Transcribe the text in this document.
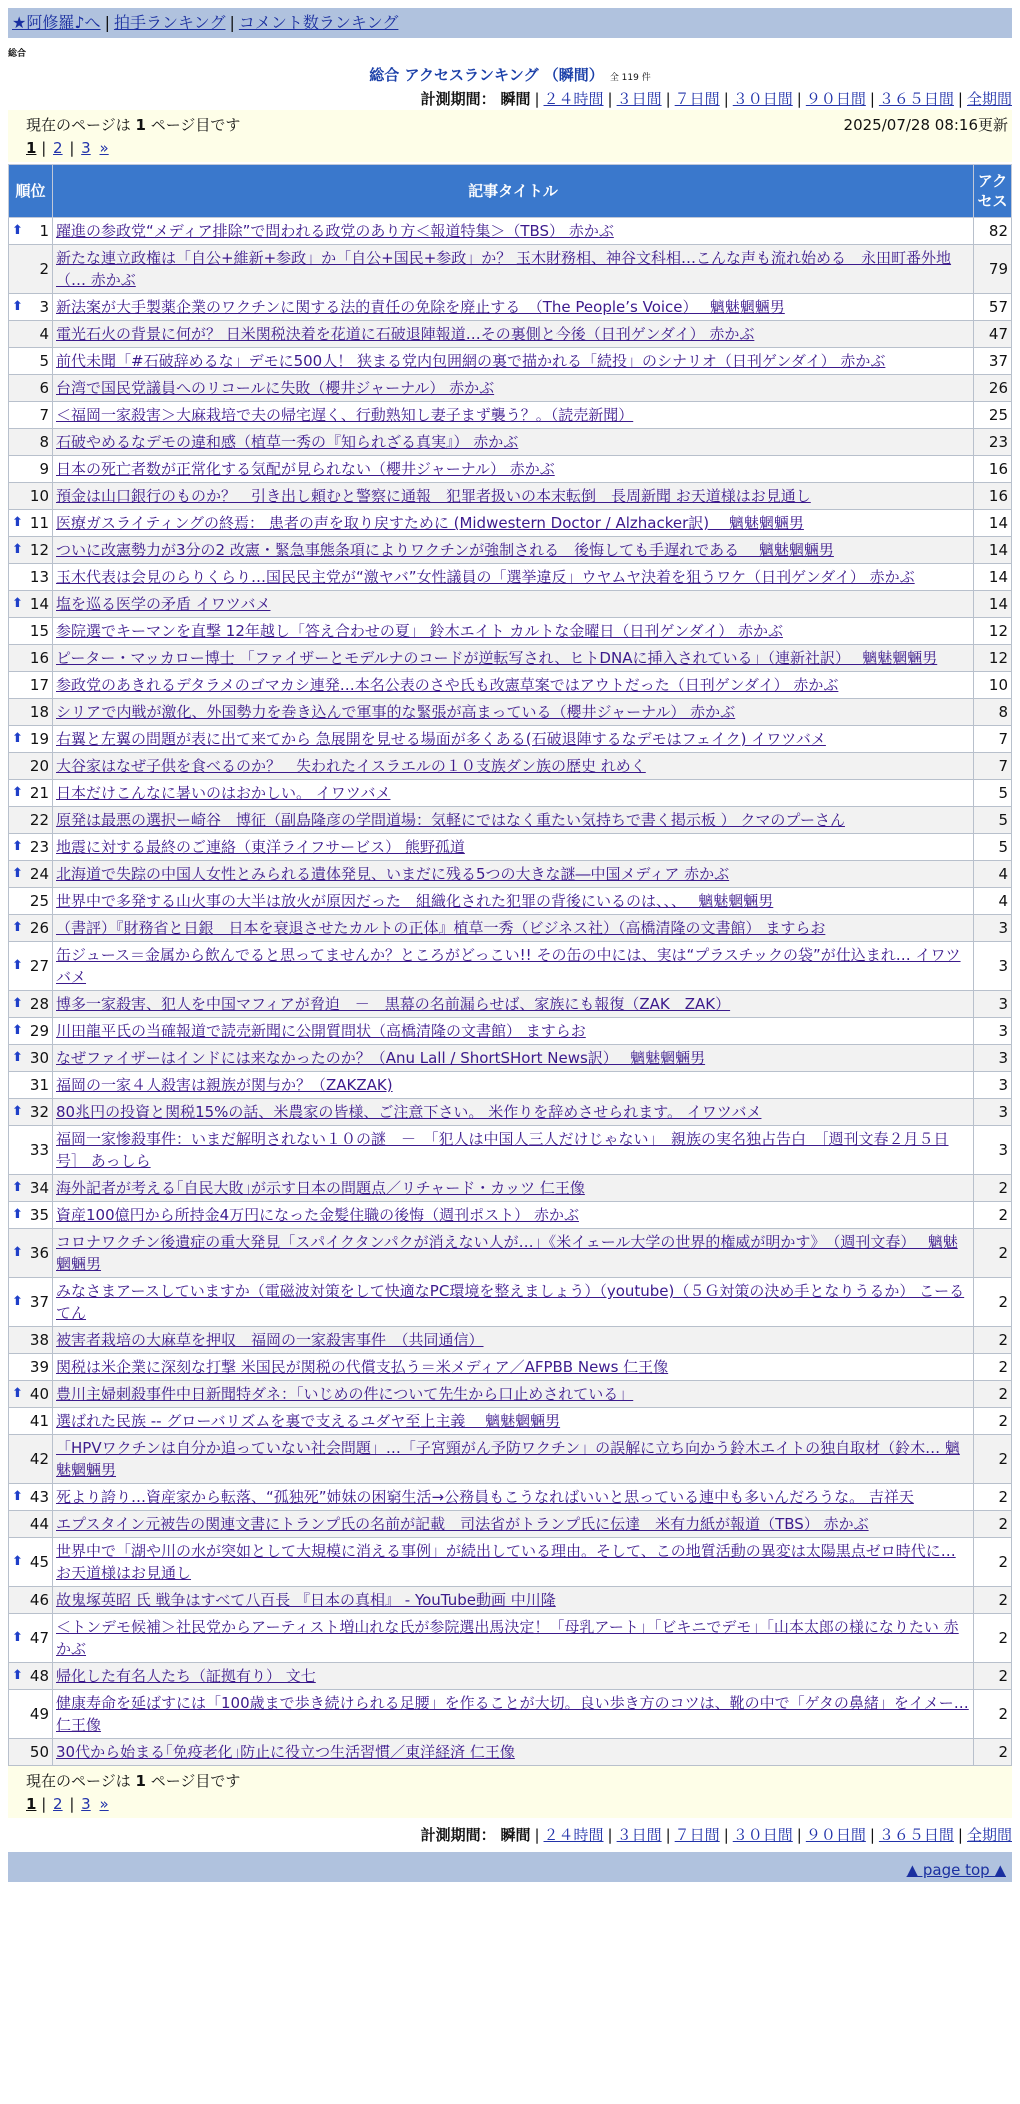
★阿修羅♪へ | 拍手ランキング | コメント数ランキング
総合
総合 アクセスランキング （瞬間） 全 119 件
計測期間： 瞬間 | ２４時間 | ３日間 | ７日間 | ３０日間 | ９０日間 | ３６５日間 | 全期間
現在のページは 1 ページ目です	2025/07/28 08:16更新
1 | 2 | 3 »
順位	記事タイトル	アクセス

⬆ 1	躍進の参政党“メディア排除”で問われる政党のあり方＜報道特集＞（TBS） 赤かぶ	82
2	新たな連立政権は「自公+維新+参政」か「自公+国民+参政」か？ 玉木財務相、神谷文科相…こんな声も流れ始める　永田町番外地（… 赤かぶ	79

⬆ 3	新法案が大手製薬企業のワクチンに関する法的責任の免除を廃止する　（The People’s Voice）　 魑魅魍魎男	57
4	電光石火の背景に何が？ 日米関税決着を花道に石破退陣報道…その裏側と今後（日刊ゲンダイ） 赤かぶ	47
5	前代未聞「#石破辞めるな」デモに500人！ 狭まる党内包囲網の裏で描かれる「続投」のシナリオ（日刊ゲンダイ） 赤かぶ	37
6	台湾で国民党議員へのリコールに失敗（櫻井ジャーナル） 赤かぶ	26
7	＜福岡一家殺害＞大麻栽培で夫の帰宅遅く、行動熟知し妻子まず襲う？。（読売新聞）	25
8	石破やめるなデモの違和感（植草一秀の『知られざる真実』） 赤かぶ	23
9	日本の死亡者数が正常化する気配が見られない（櫻井ジャーナル） 赤かぶ	16
10	預金は山口銀行のものか？　引き出し頼むと警察に通報　犯罪者扱いの本末転倒　長周新聞 お天道様はお見通し	16

⬆ 11	医療ガスライティングの終焉： 患者の声を取り戻すために (Midwestern Doctor / Alzhacker訳)　 魑魅魍魎男	14

⬆ 12	ついに改憲勢力が3分の2 改憲・緊急事態条項によりワクチンが強制される　後悔しても手遅れである　 魑魅魍魎男	14
13	玉木代表は会見のらりくらり…国民民主党が“激ヤバ”女性議員の「選挙違反」ウヤムヤ決着を狙うワケ（日刊ゲンダイ） 赤かぶ	14

⬆ 14	塩を巡る医学の矛盾 イワツバメ	14
15	参院選でキーマンを直撃 12年越し「答え合わせの夏」 鈴木エイト カルトな金曜日（日刊ゲンダイ） 赤かぶ	12
16	ピーター・マッカロー博士 「ファイザーとモデルナのコードが逆転写され、ヒトDNAに挿入されている」（連新社訳）　 魑魅魍魎男	12
17	参政党のあきれるデタラメのゴマカシ連発…本名公表のさや氏も改憲草案ではアウトだった（日刊ゲンダイ） 赤かぶ	10
18	シリアで内戦が激化、外国勢力を巻き込んで軍事的な緊張が高まっている（櫻井ジャーナル） 赤かぶ	8

⬆ 19	右翼と左翼の問題が表に出て来てから 急展開を見せる場面が多くある(石破退陣するなデモはフェイク) イワツバメ	7
20	大谷家はなぜ子供を食べるのか？　失われたイスラエルの１０支族ダン族の歴史 れめく	7

⬆ 21	日本だけこんなに暑いのはおかしい。 イワツバメ	5
22	原発は最悪の選択ー崎谷　博征（副島隆彦の学問道場：気軽にではなく重たい気持ちで書く掲示板 ） クマのプーさん	5

⬆ 23	地震に対する最終のご連絡（東洋ライフサービス） 熊野孤道	5

⬆ 24	北海道で失踪の中国人女性とみられる遺体発見、いまだに残る5つの大きな謎―中国メディア 赤かぶ	4
25	世界中で多発する山火事の大半は放火が原因だった　組織化された犯罪の背後にいるのは、、、　 魑魅魍魎男	4

⬆ 26	（書評）『財務省と日銀　日本を衰退させたカルトの正体』植草一秀（ビジネス社）（高橋清隆の文書館） ますらお	3

⬆ 27	缶ジュース＝金属から飲んでると思ってませんか？ところがどっこい!! その缶の中には、実は“プラスチックの袋”が仕込まれ… イワツバメ	3

⬆ 28	博多一家殺害、犯人を中国マフィアが脅迫　－　黒幕の名前漏らせば、家族にも報復（ZAK　ZAK）	3

⬆ 29	川田龍平氏の当確報道で読売新聞に公開質問状（高橋清隆の文書館） ますらお	3

⬆ 30	なぜファイザーはインドには来なかったのか？（Anu Lall / ShortSHort News訳）　 魑魅魍魎男	3
31	福岡の一家４人殺害は親族が関与か？（ZAKZAK)	3

⬆ 32	80兆円の投資と関税15%の話、米農家の皆様、ご注意下さい。 米作りを辞めさせられます。 イワツバメ	3
33	福岡一家惨殺事件：いまだ解明されない１０の謎　－　「犯人は中国人三人だけじゃない」　親族の実名独占告白　［週刊文春２月５日号］ あっしら	3

⬆ 34	海外記者が考える｢自民大敗｣が示す日本の問題点／リチャード・カッツ 仁王像	2

⬆ 35	資産100億円から所持金4万円になった金髪住職の後悔（週刊ポスト） 赤かぶ	2

⬆ 36	コロナワクチン後遺症の重大発見「スパイクタンパクが消えない人が…」《米イェール大学の世界的権威が明かす》　（週刊文春）　 魑魅魍魎男	2

⬆ 37	みなさまアースしていますか（電磁波対策をして快適なPC環境を整えましょう）（youtube)（５Ｇ対策の決め手となりうるか） こーるてん	2
38	被害者栽培の大麻草を押収　福岡の一家殺害事件　（共同通信）	2
39	関税は米企業に深刻な打撃 米国民が関税の代償支払う＝米メディア／AFPBB News 仁王像	2

⬆ 40	豊川主婦刺殺事件中日新聞特ダネ：「いじめの件について先生から口止めされている」	2
41	選ばれた民族 -- グローバリズムを裏で支えるユダヤ至上主義　 魑魅魍魎男	2
42	「HPVワクチンは自分か追っていない社会問題」…「子宮頸がん予防ワクチン」の誤解に立ち向かう鈴木エイトの独自取材（鈴木… 魑魅魍魎男	2

⬆ 43	死より誇り…資産家から転落、“孤独死”姉妹の困窮生活→公務員もこうなればいいと思っている連中も多いんだろうな。 吉祥天	2
44	エプスタイン元被告の関連文書にトランプ氏の名前が記載　司法省がトランプ氏に伝達　米有力紙が報道（TBS） 赤かぶ	2

⬆ 45	世界中で「湖や川の水が突如として大規模に消える事例」が続出している理由。そして、この地質活動の異変は太陽黒点ゼロ時代に… お天道様はお見通し	2
46	故鬼塚英昭 氏 戦争はすべて八百長 『日本の真相』 - YouTube動画 中川隆	2

⬆ 47	＜トンデモ候補＞社民党からアーティスト増山れな氏が参院選出馬決定！「母乳アート」「ビキニでデモ」「山本太郎の様になりたい 赤かぶ	2

⬆ 48	帰化した有名人たち（証拠有り） 文七	2
49	健康寿命を延ばすには「100歳まで歩き続けられる足腰」を作ることが大切。良い歩き方のコツは、靴の中で「ゲタの鼻緒」をイメー… 仁王像	2
50	30代から始まる｢免疫老化｣防止に役立つ生活習慣／東洋経済 仁王像	2
現在のページは 1 ページ目です
1 | 2 | 3 »
計測期間： 瞬間 | ２４時間 | ３日間 | ７日間 | ３０日間 | ９０日間 | ３６５日間 | 全期間
▲ page top ▲
